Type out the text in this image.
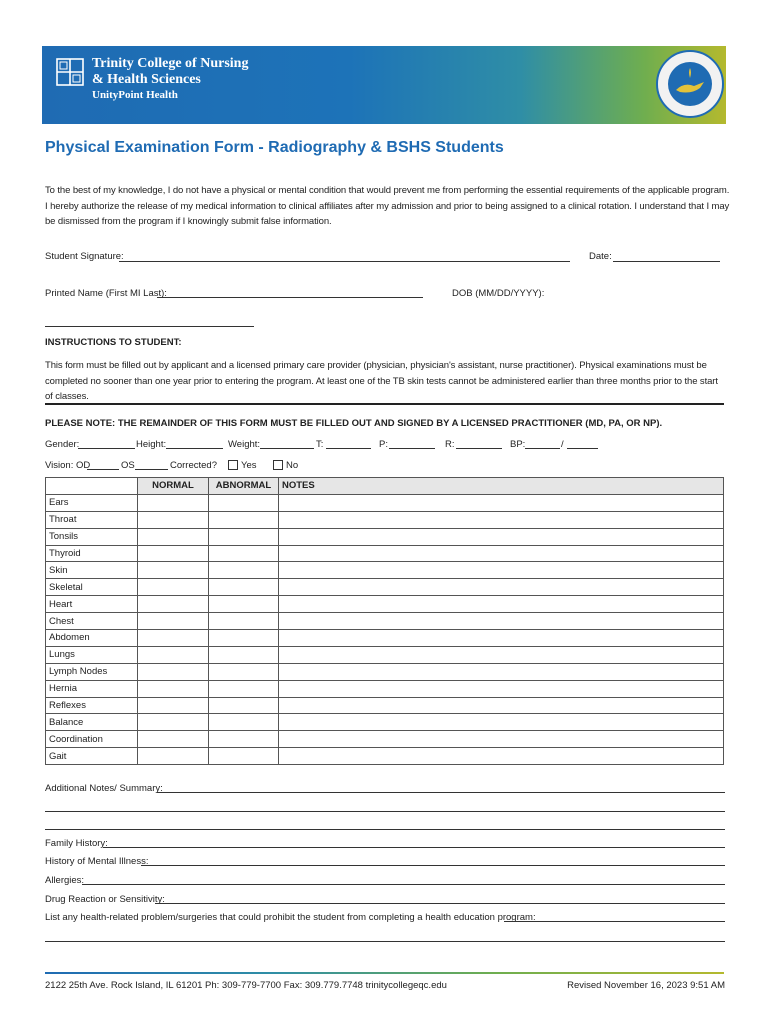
Trinity College of Nursing
& Health Sciences
UnityPoint Health
Physical Examination Form - Radiography & BSHS Students
To the best of my knowledge, I do not have a physical or mental condition that would prevent me from performing the essential requirements of the applicable program. I hereby authorize the release of my medical information to clinical affiliates after my admission and prior to being assigned to a clinical rotation. I understand that I may be dismissed from the program if I knowingly submit false information.
Student Signature:	Date:
Printed Name (First MI Last):	DOB (MM/DD/YYYY):
INSTRUCTIONS TO STUDENT:
This form must be filled out by applicant and a licensed primary care provider (physician, physician's assistant, nurse practitioner). Physical examinations must be completed no sooner than one year prior to entering the program. At least one of the TB skin tests cannot be administered earlier than three months prior to the start of classes.
PLEASE NOTE: THE REMAINDER OF THIS FORM MUST BE FILLED OUT AND SIGNED BY A LICENSED PRACTITIONER (MD, PA, OR NP).
Gender:	Height:	Weight:	T:	P:	R:	BP:	/
Vision: OD	OS	Corrected?	Yes	No
	NORMAL	ABNORMAL	NOTES
Ears			
Throat			
Tonsils			
Thyroid			
Skin			
Skeletal			
Heart			
Chest			
Abdomen			
Lungs			
Lymph Nodes			
Hernia			
Reflexes			
Balance			
Coordination			
Gait			
Additional Notes/ Summary:
Family History:
History of Mental Illness:
Allergies:
Drug Reaction or Sensitivity:
List any health-related problem/surgeries that could prohibit the student from completing a health education program:
2122 25th Ave. Rock Island, IL 61201 Ph: 309-779-7700 Fax: 309.779.7748 trinitycollegeqc.edu	Revised November 16, 2023 9:51 AM
